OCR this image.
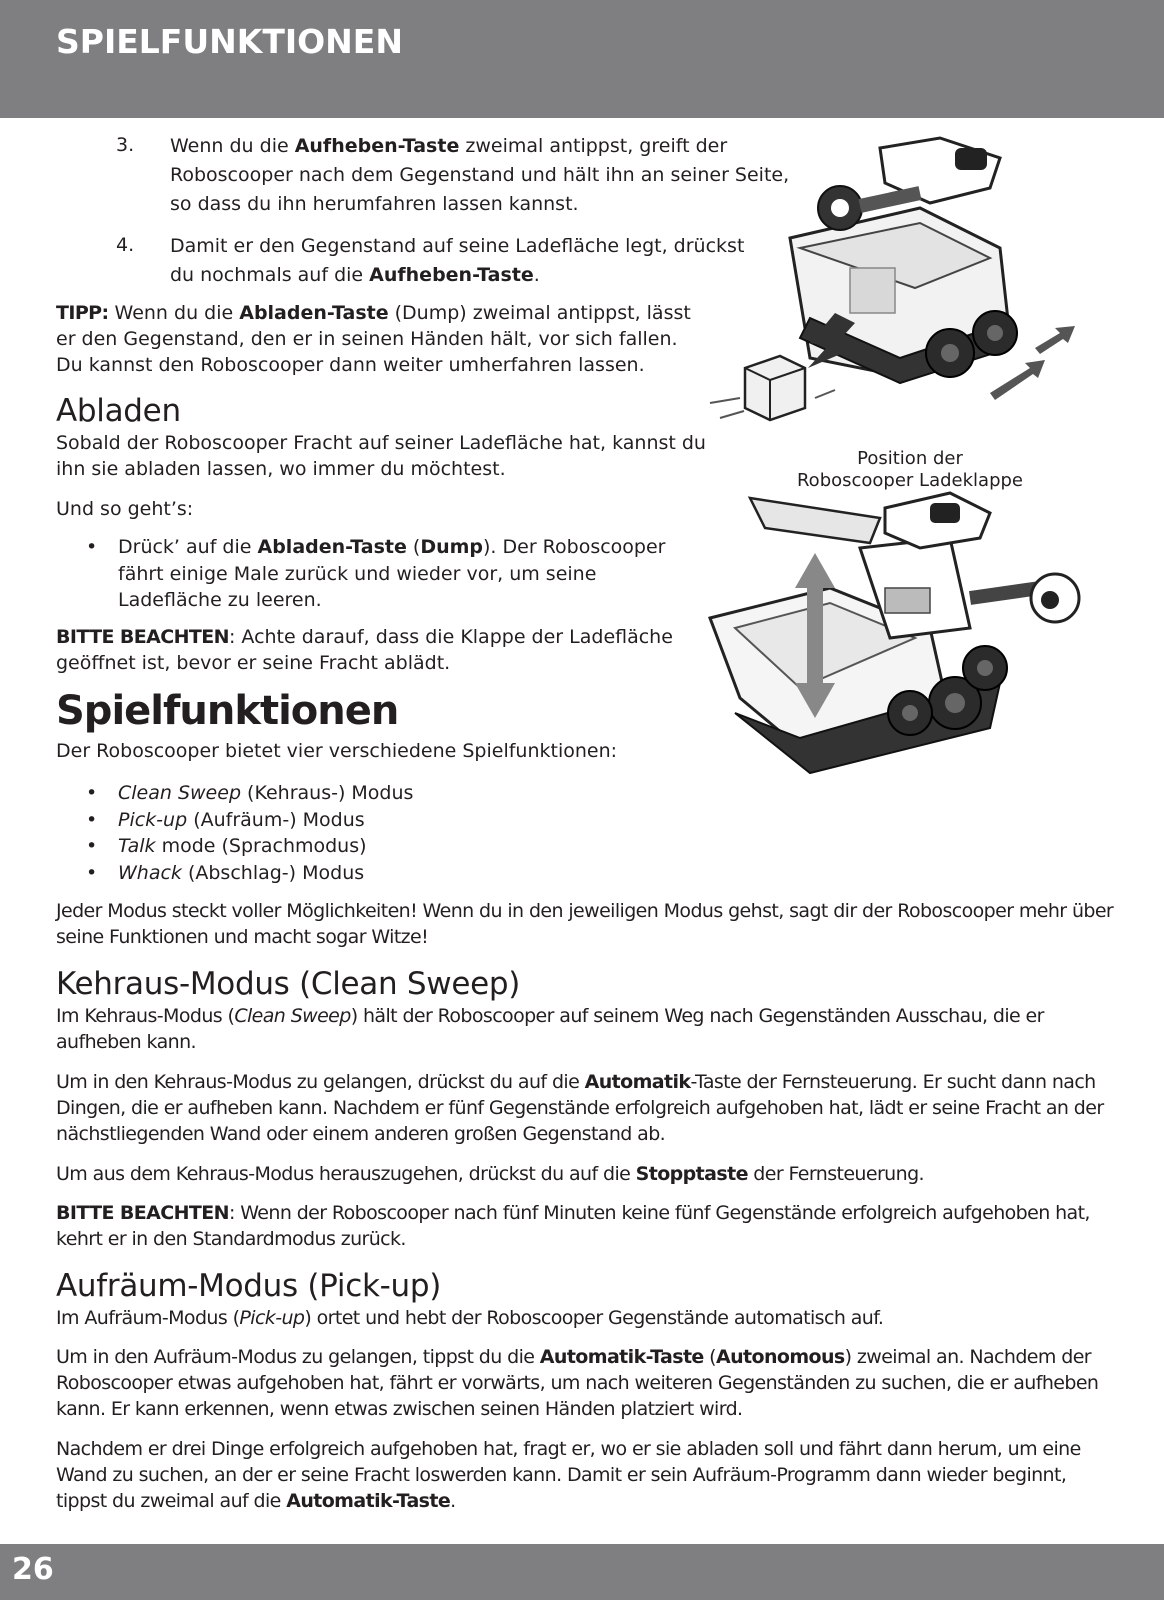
SPIELFUNKTIONEN
3. Wenn du die Aufheben-Taste zweimal antippst, greift der Roboscooper nach dem Gegenstand und hält ihn an seiner Seite, so dass du ihn herumfahren lassen kannst.

4. Damit er den Gegenstand auf seine Ladefläche legt, drückst du nochmals auf die Aufheben-Taste.

TIPP: Wenn du die Abladen-Taste (Dump) zweimal antippst, lässt er den Gegenstand, den er in seinen Händen hält, vor sich fallen. Du kannst den Roboscooper dann weiter umherfahren lassen.

Abladen

Sobald der Roboscooper Fracht auf seiner Ladefläche hat, kannst du ihn sie abladen lassen, wo immer du möchtest.

Und so geht’s:

• Drück’ auf die Abladen-Taste (Dump). Der Roboscooper fährt einige Male zurück und wieder vor, um seine Ladefläche zu leeren.

BITTE BEACHTEN: Achte darauf, dass die Klappe der Ladefläche geöffnet ist, bevor er seine Fracht ablädt.

Position der
Roboscooper Ladeklappe
Spielfunktionen

Der Roboscooper bietet vier verschiedene Spielfunktionen:

• Clean Sweep (Kehraus-) Modus
• Pick-up (Aufräum-) Modus
• Talk mode (Sprachmodus)
• Whack (Abschlag-) Modus

Jeder Modus steckt voller Möglichkeiten! Wenn du in den jeweiligen Modus gehst, sagt dir der Roboscooper mehr über seine Funktionen und macht sogar Witze!

Kehraus-Modus (Clean Sweep)

Im Kehraus-Modus (Clean Sweep) hält der Roboscooper auf seinem Weg nach Gegenständen Ausschau, die er aufheben kann.

Um in den Kehraus-Modus zu gelangen, drückst du auf die Automatik-Taste der Fernsteuerung. Er sucht dann nach Dingen, die er aufheben kann. Nachdem er fünf Gegenstände erfolgreich aufgehoben hat, lädt er seine Fracht an der nächstliegenden Wand oder einem anderen großen Gegenstand ab.

Um aus dem Kehraus-Modus herauszugehen, drückst du auf die Stopptaste der Fernsteuerung.

BITTE BEACHTEN: Wenn der Roboscooper nach fünf Minuten keine fünf Gegenstände erfolgreich aufgehoben hat, kehrt er in den Standardmodus zurück.

Aufräum-Modus (Pick-up)

Im Aufräum-Modus (Pick-up) ortet und hebt der Roboscooper Gegenstände automatisch auf.

Um in den Aufräum-Modus zu gelangen, tippst du die Automatik-Taste (Autonomous) zweimal an. Nachdem der Roboscooper etwas aufgehoben hat, fährt er vorwärts, um nach weiteren Gegenständen zu suchen, die er aufheben kann. Er kann erkennen, wenn etwas zwischen seinen Händen platziert wird.

Nachdem er drei Dinge erfolgreich aufgehoben hat, fragt er, wo er sie abladen soll und fährt dann herum, um eine Wand zu suchen, an der er seine Fracht loswerden kann. Damit er sein Aufräum-Programm dann wieder beginnt, tippst du zweimal auf die Automatik-Taste.

26
